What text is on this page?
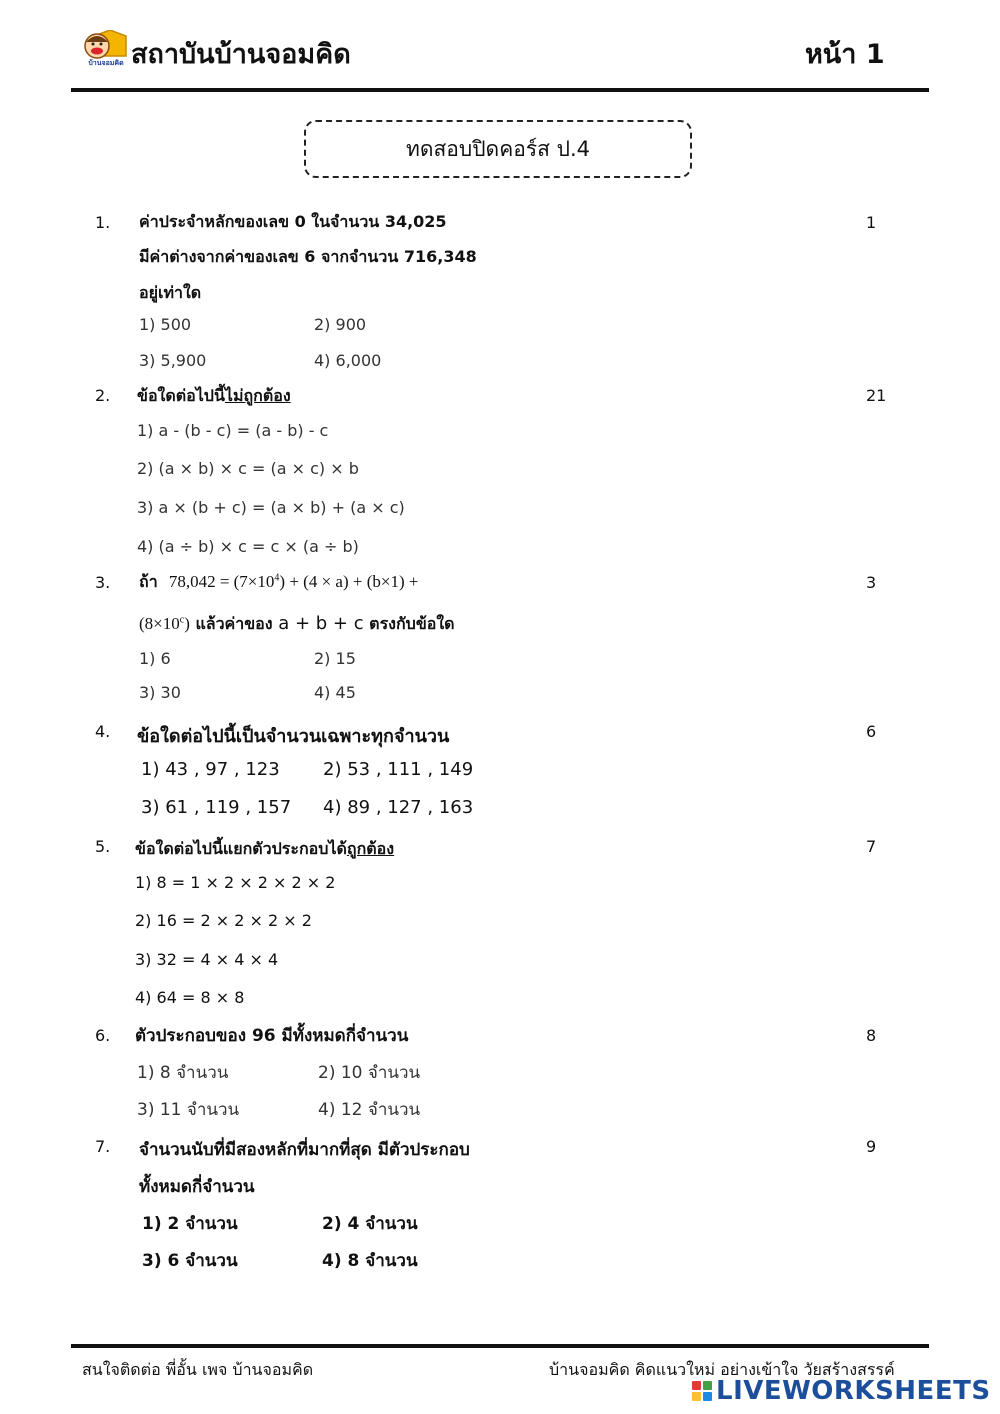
บ้านจอมคิด สถาบันบ้านจอมคิด	หน้า 1
ทดสอบปิดคอร์ส ป.4
1.	1
ค่าประจำหลักของเลข 0 ในจำนวน 34,025
มีค่าต่างจากค่าของเลข 6 จากจำนวน 716,348
อยู่เท่าใด
1) 500	2) 900
3) 5,900	4) 6,000
2.	21
ข้อใดต่อไปนี้ไม่ถูกต้อง
1) a - (b - c) = (a - b) - c
2) (a × b) × c = (a × c) × b
3) a × (b + c) = (a × b) + (a × c)
4) (a ÷ b) × c = c × (a ÷ b)
3.	3
ถ้า $78,042 = (7\times 10^4) + (4 \times a) + (b\times 1)$ +
$(8\times 10^c)$ แล้วค่าของ a + b + c ตรงกับข้อใด
1) 6	2) 15
3) 30	4) 45
4.	6
ข้อใดต่อไปนี้เป็นจำนวนเฉพาะทุกจำนวน
1) 43 , 97 , 123 2) 53 , 111 , 149
3) 61 , 119 , 157 4) 89 , 127 , 163
5.	7
ข้อใดต่อไปนี้แยกตัวประกอบได้ถูกต้อง
1) 8 = 1 × 2 × 2 × 2 × 2
2) 16 = 2 × 2 × 2 × 2
3) 32 = 4 × 4 × 4
4) 64 = 8 × 8
6.	8
ตัวประกอบของ 96 มีทั้งหมดกี่จำนวน
1) 8 จำนวน	2) 10 จำนวน
3) 11 จำนวน	4) 12 จำนวน
7.	9
จำนวนนับที่มีสองหลักที่มากที่สุด มีตัวประกอบ
ทั้งหมดกี่จำนวน
1) 2 จำนวน	2) 4 จำนวน
3) 6 จำนวน	4) 8 จำนวน
สนใจติดต่อ พี่อั้น เพจ บ้านจอมคิด	บ้านจอมคิด คิดแนวใหม่ อย่างเข้าใจ วัยสร้างสรรค์
LIVEWORKSHEETS
